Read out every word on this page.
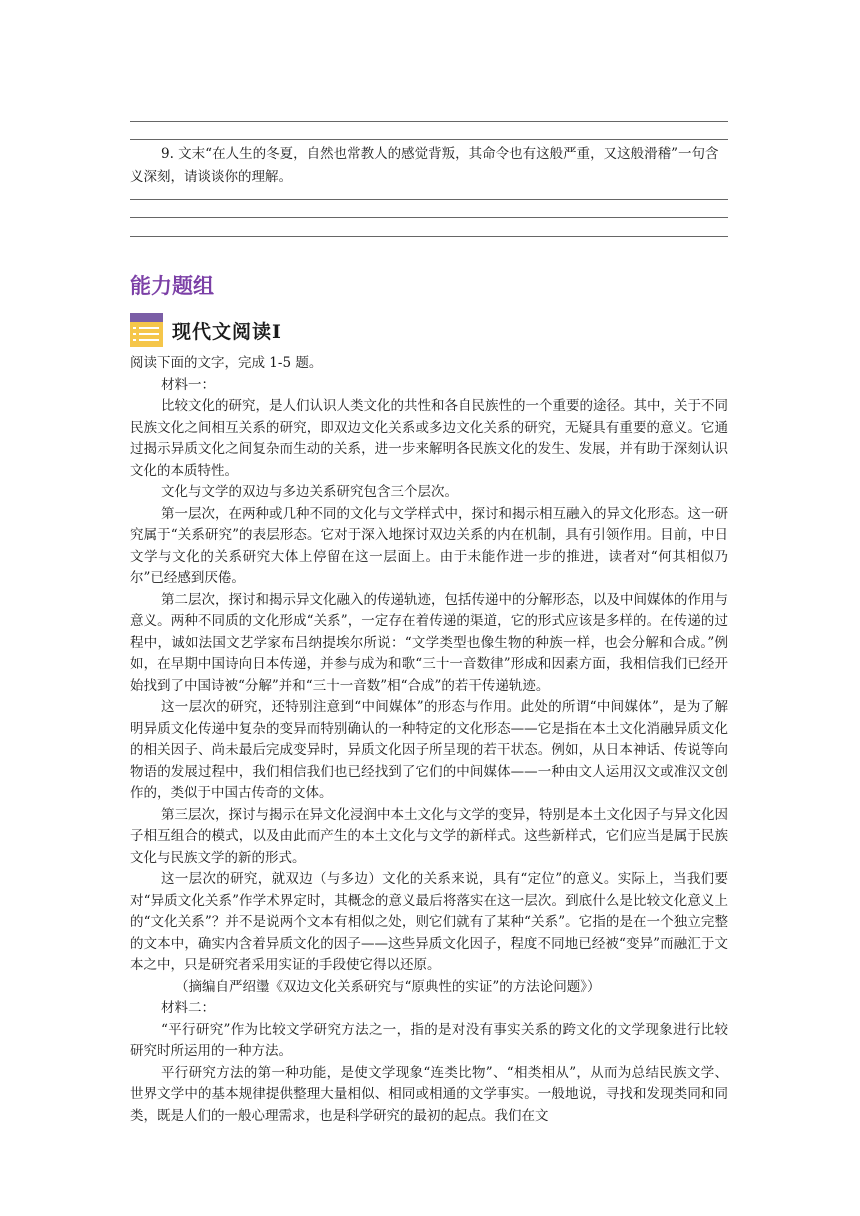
9. 文末“在人生的冬夏，自然也常教人的感觉背叛，其命令也有这般严重，又这般滑稽”一句含义深刻，请谈谈你的理解。
能力题组
现代文阅读Ⅰ

阅读下面的文字，完成 1-5 题。

材料一：

比较文化的研究，是人们认识人类文化的共性和各自民族性的一个重要的途径。其中，关于不同民族文化之间相互关系的研究，即双边文化关系或多边文化关系的研究，无疑具有重要的意义。它通过揭示异质文化之间复杂而生动的关系，进一步来解明各民族文化的发生、发展，并有助于深刻认识文化的本质特性。

文化与文学的双边与多边关系研究包含三个层次。

第一层次，在两种或几种不同的文化与文学样式中，探讨和揭示相互融入的异文化形态。这一研究属于“关系研究”的表层形态。它对于深入地探讨双边关系的内在机制，具有引领作用。目前，中日文学与文化的关系研究大体上停留在这一层面上。由于未能作进一步的推进，读者对“何其相似乃尔”已经感到厌倦。

第二层次，探讨和揭示异文化融入的传递轨迹，包括传递中的分解形态，以及中间媒体的作用与意义。两种不同质的文化形成“关系”，一定存在着传递的渠道，它的形式应该是多样的。在传递的过程中，诚如法国文艺学家布吕纳提埃尔所说：“文学类型也像生物的种族一样，也会分解和合成。”例如，在早期中国诗向日本传递，并参与成为和歌“三十一音数律”形成和因素方面，我相信我们已经开始找到了中国诗被“分解”并和“三十一音数”相“合成”的若干传递轨迹。

这一层次的研究，还特别注意到“中间媒体”的形态与作用。此处的所谓“中间媒体”，是为了解明异质文化传递中复杂的变异而特别确认的一种特定的文化形态——它是指在本土文化消融异质文化的相关因子、尚未最后完成变异时，异质文化因子所呈现的若干状态。例如，从日本神话、传说等向物语的发展过程中，我们相信我们也已经找到了它们的中间媒体——一种由文人运用汉文或准汉文创作的，类似于中国古传奇的文体。

第三层次，探讨与揭示在异文化浸润中本土文化与文学的变异，特别是本土文化因子与异文化因子相互组合的模式，以及由此而产生的本土文化与文学的新样式。这些新样式，它们应当是属于民族文化与民族文学的新的形式。

这一层次的研究，就双边（与多边）文化的关系来说，具有“定位”的意义。实际上，当我们要对“异质文化关系”作学术界定时，其概念的意义最后将落实在这一层次。到底什么是比较文化意义上的“文化关系”？并不是说两个文本有相似之处，则它们就有了某种“关系”。它指的是在一个独立完整的文本中，确实内含着异质文化的因子——这些异质文化因子，程度不同地已经被“变异”而融汇于文本之中，只是研究者采用实证的手段使它得以还原。

（摘编自严绍璗《双边文化关系研究与“原典性的实证”的方法论问题》）

材料二：

“平行研究”作为比较文学研究方法之一，指的是对没有事实关系的跨文化的文学现象进行比较研究时所运用的一种方法。

平行研究方法的第一种功能，是使文学现象“连类比物”、“相类相从”，从而为总结民族文学、世界文学中的基本规律提供整理大量相似、相同或相通的文学事实。一般地说，寻找和发现类同和同类，既是人们的一般心理需求，也是科学研究的最初的起点。我们在文
